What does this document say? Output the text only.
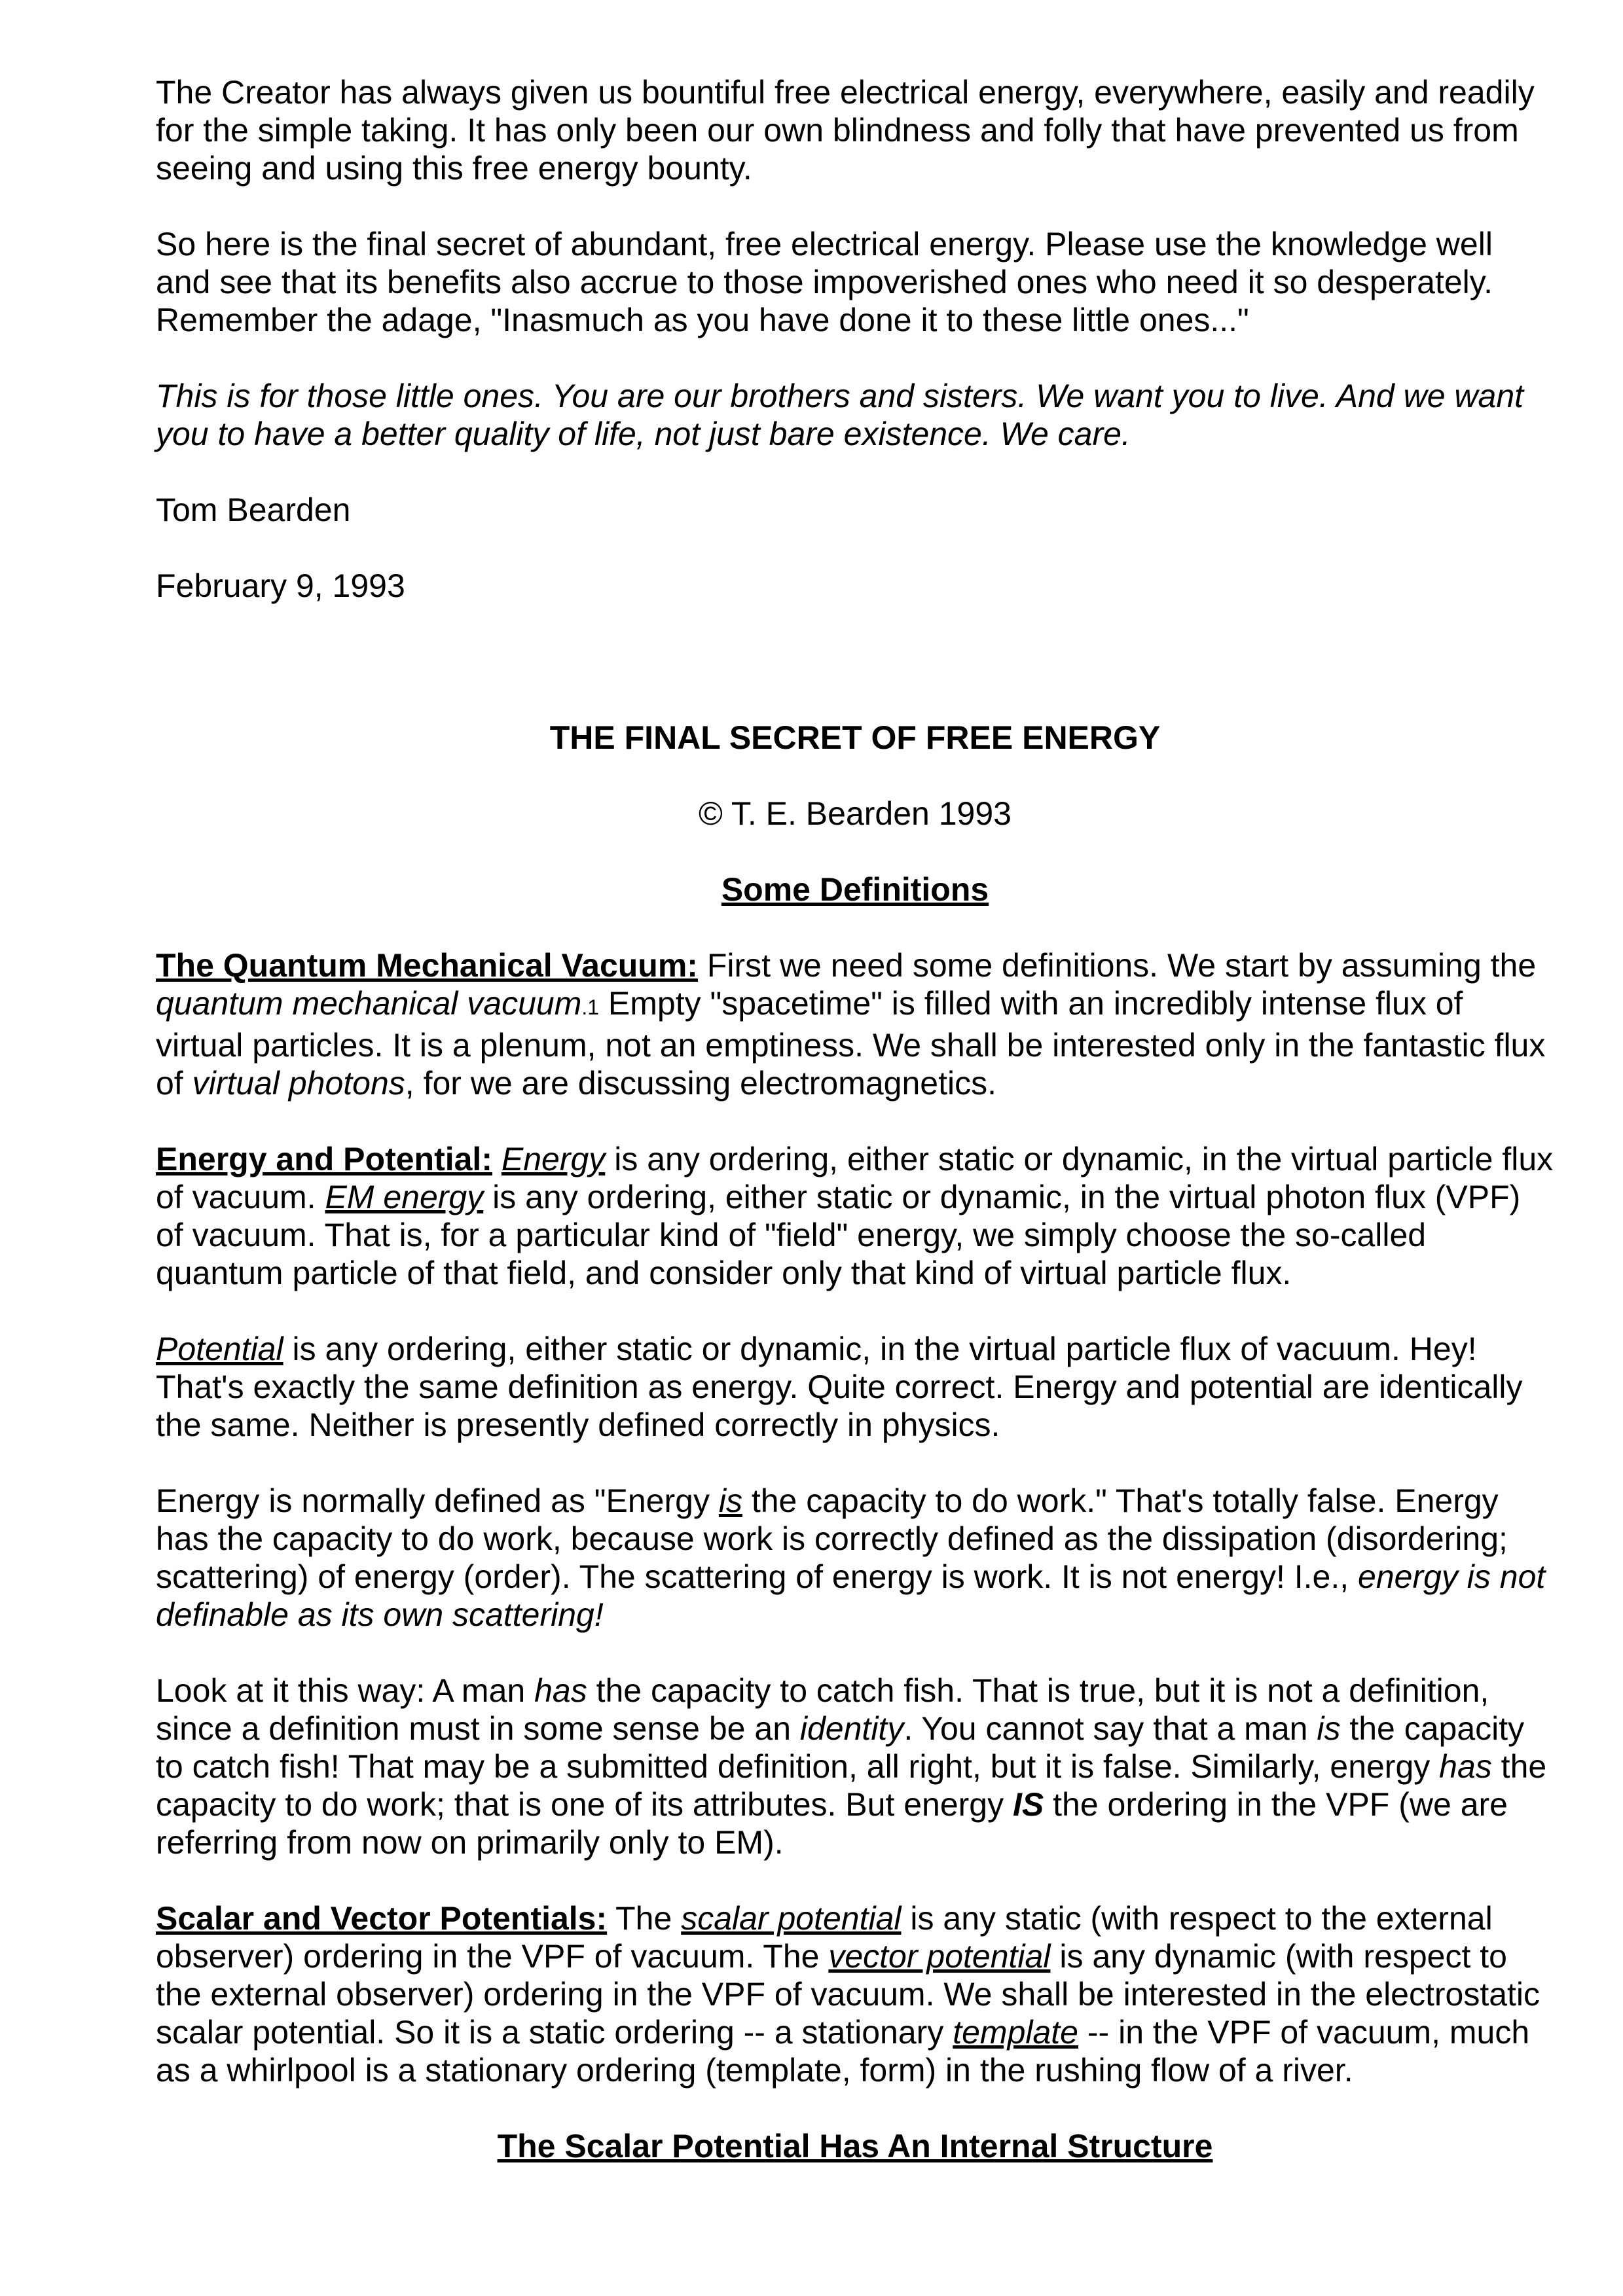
The Creator has always given us bountiful free electrical energy, everywhere, easily and readily for the simple taking. It has only been our own blindness and folly that have prevented us from seeing and using this free energy bounty.

So here is the final secret of abundant, free electrical energy. Please use the knowledge well and see that its benefits also accrue to those impoverished ones who need it so desperately. Remember the adage, "Inasmuch as you have done it to these little ones..."

This is for those little ones. You are our brothers and sisters. We want you to live. And we want you to have a better quality of life, not just bare existence. We care.

Tom Bearden

February 9, 1993

THE FINAL SECRET OF FREE ENERGY

© T. E. Bearden 1993

Some Definitions

The Quantum Mechanical Vacuum: First we need some definitions. We start by assuming the quantum mechanical vacuum.1 Empty "spacetime" is filled with an incredibly intense flux of virtual particles. It is a plenum, not an emptiness. We shall be interested only in the fantastic flux of virtual photons, for we are discussing electromagnetics.

Energy and Potential: Energy is any ordering, either static or dynamic, in the virtual particle flux of vacuum. EM energy is any ordering, either static or dynamic, in the virtual photon flux (VPF) of vacuum. That is, for a particular kind of "field" energy, we simply choose the so-called quantum particle of that field, and consider only that kind of virtual particle flux.

Potential is any ordering, either static or dynamic, in the virtual particle flux of vacuum. Hey! That's exactly the same definition as energy. Quite correct. Energy and potential are identically the same. Neither is presently defined correctly in physics.

Energy is normally defined as "Energy is the capacity to do work." That's totally false. Energy has the capacity to do work, because work is correctly defined as the dissipation (disordering; scattering) of energy (order). The scattering of energy is work. It is not energy! I.e., energy is not definable as its own scattering!

Look at it this way: A man has the capacity to catch fish. That is true, but it is not a definition, since a definition must in some sense be an identity. You cannot say that a man is the capacity to catch fish! That may be a submitted definition, all right, but it is false. Similarly, energy has the capacity to do work; that is one of its attributes. But energy IS the ordering in the VPF (we are referring from now on primarily only to EM).

Scalar and Vector Potentials: The scalar potential is any static (with respect to the external observer) ordering in the VPF of vacuum. The vector potential is any dynamic (with respect to the external observer) ordering in the VPF of vacuum. We shall be interested in the electrostatic scalar potential. So it is a static ordering -- a stationary template -- in the VPF of vacuum, much as a whirlpool is a stationary ordering (template, form) in the rushing flow of a river.

The Scalar Potential Has An Internal Structure
